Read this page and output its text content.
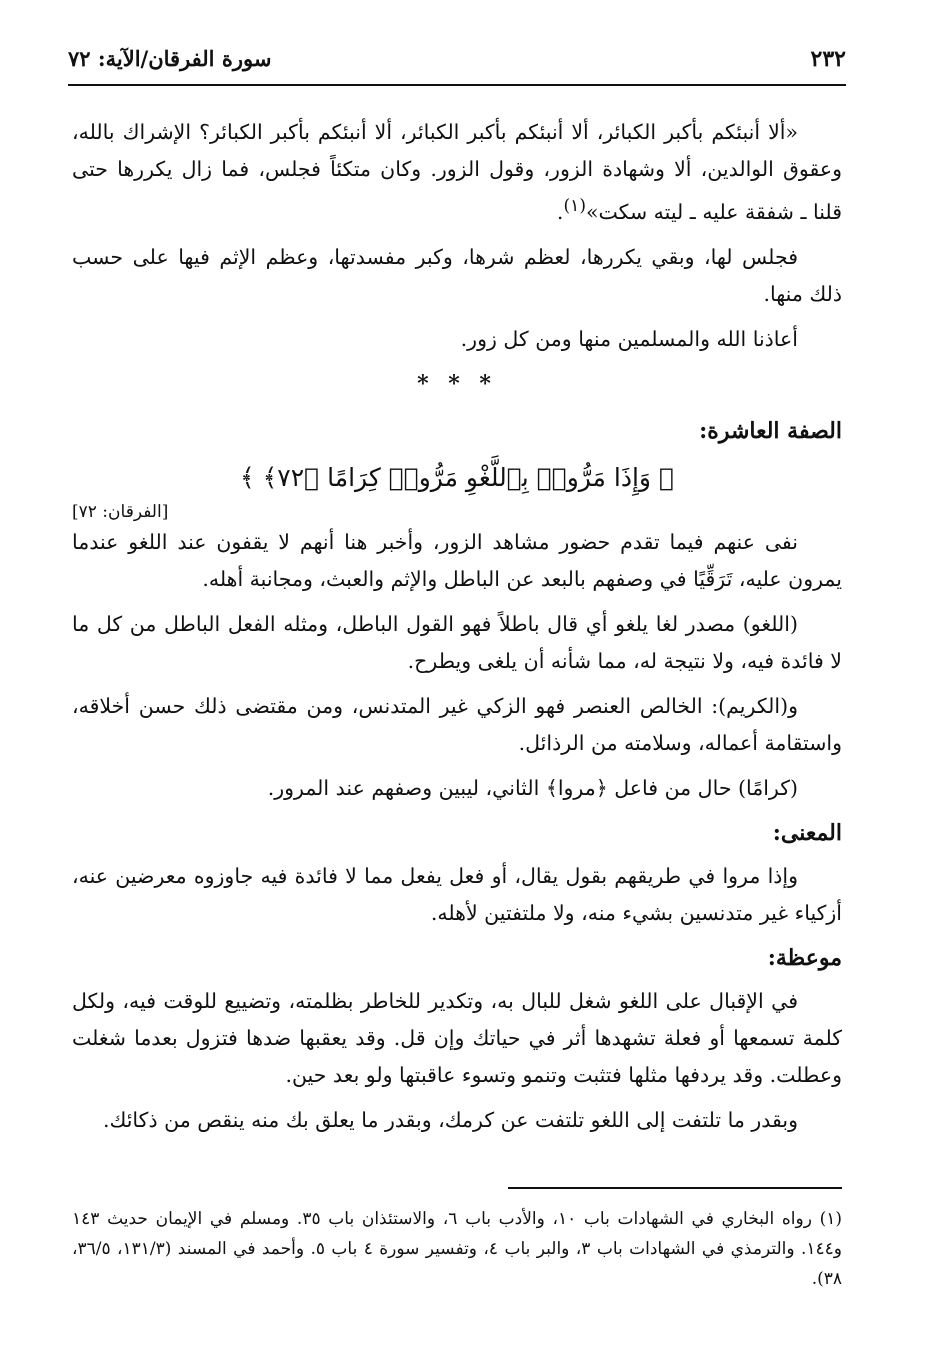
٢٣٢
سورة الفرقان/الآية: ٧٢

«ألا أنبئكم بأكبر الكبائر، ألا أنبئكم بأكبر الكبائر، ألا أنبئكم بأكبر الكبائر؟ الإشراك بالله، وعقوق الوالدين، ألا وشهادة الزور، وقول الزور. وكان متكئاً فجلس، فما زال يكررها حتى قلنا ـ شفقة عليه ـ ليته سكت»$^{(١)}$.

فجلس لها، وبقي يكررها، لعظم شرها، وكبر مفسدتها، وعظم الإثم فيها على حسب ذلك منها.

أعاذنا الله والمسلمين منها ومن كل زور.

* * *
الصفة العاشرة:
﴿ وَإِذَا مَرُّوا۟ بِٱللَّغْوِ مَرُّوا۟ كِرَامًا ﴿٧٢﴾ ﴾
[الفرقان: ٧٢]

نفى عنهم فيما تقدم حضور مشاهد الزور، وأخبر هنا أنهم لا يقفون عند اللغو عندما يمرون عليه، تَرَقِّيًا في وصفهم بالبعد عن الباطل والإثم والعبث، ومجانبة أهله.

(اللغو) مصدر لغا يلغو أي قال باطلاً فهو القول الباطل، ومثله الفعل الباطل من كل ما لا فائدة فيه، ولا نتيجة له، مما شأنه أن يلغى ويطرح.

و(الكريم): الخالص العنصر فهو الزكي غير المتدنس، ومن مقتضى ذلك حسن أخلاقه، واستقامة أعماله، وسلامته من الرذائل.

(كرامًا) حال من فاعل ﴿مروا﴾ الثاني، ليبين وصفهم عند المرور.

المعنى:

وإذا مروا في طريقهم بقول يقال، أو فعل يفعل مما لا فائدة فيه جاوزوه معرضين عنه، أزكياء غير متدنسين بشيء منه، ولا ملتفتين لأهله.

موعظة:

في الإقبال على اللغو شغل للبال به، وتكدير للخاطر بظلمته، وتضييع للوقت فيه، ولكل كلمة تسمعها أو فعلة تشهدها أثر في حياتك وإن قل. وقد يعقبها ضدها فتزول بعدما شغلت وعطلت. وقد يردفها مثلها فتثبت وتنمو وتسوء عاقبتها ولو بعد حين.

وبقدر ما تلتفت إلى اللغو تلتفت عن كرمك، وبقدر ما يعلق بك منه ينقص من ذكائك.

(١) رواه البخاري في الشهادات باب ١٠، والأدب باب ٦، والاستئذان باب ٣٥. ومسلم في الإيمان حديث ١٤٣ و١٤٤. والترمذي في الشهادات باب ٣، والبر باب ٤، وتفسير سورة ٤ باب ٥. وأحمد في المسند (١٣١/٣، ٣٦/٥، ٣٨).
